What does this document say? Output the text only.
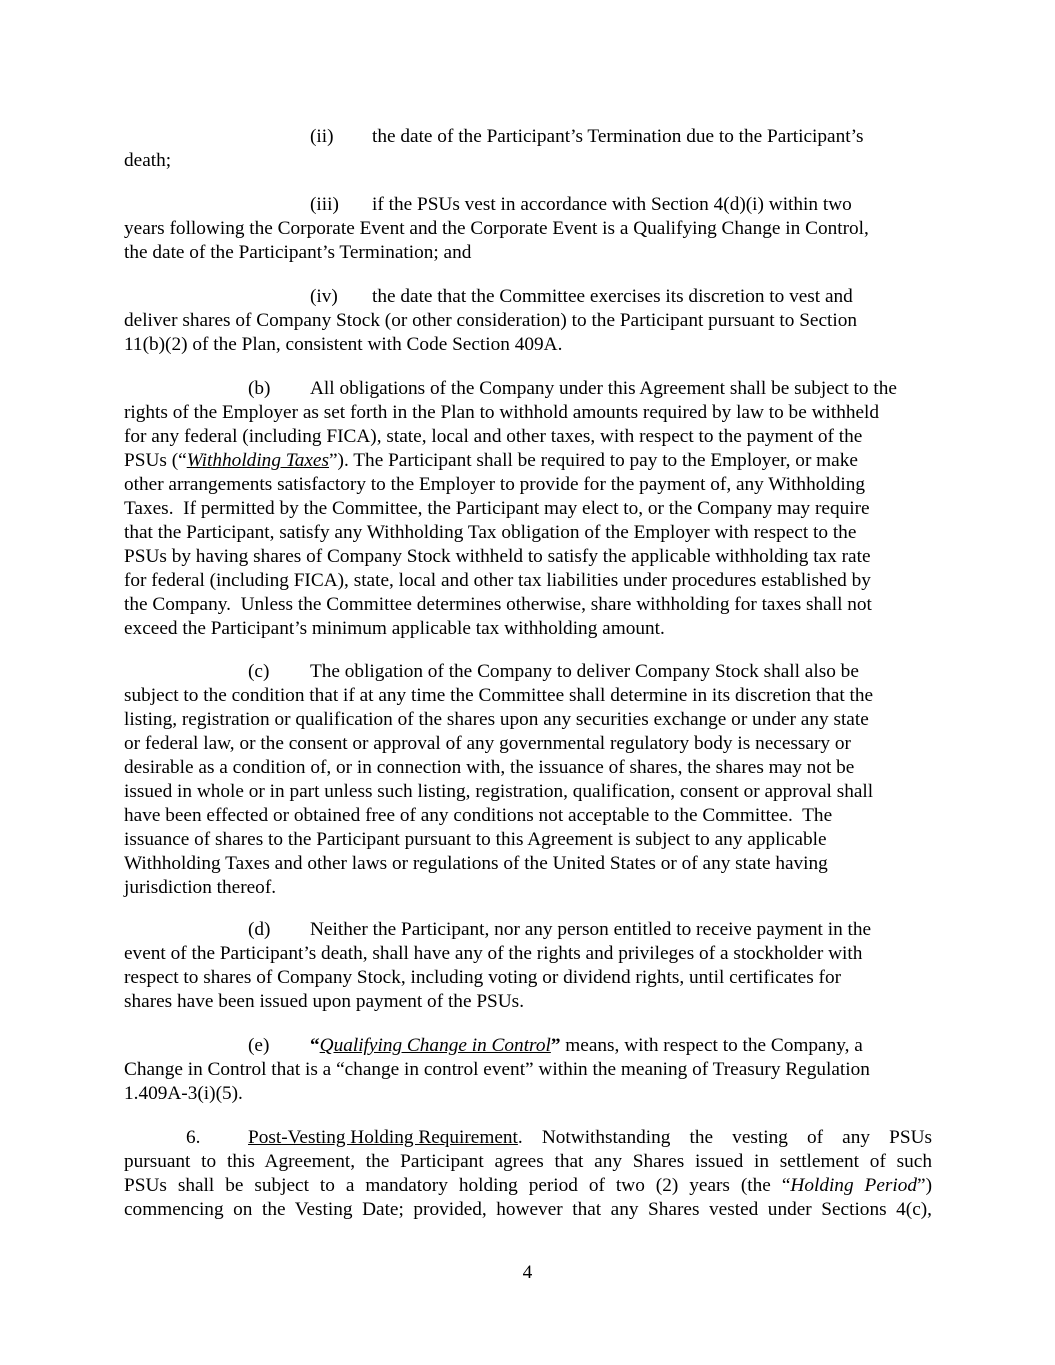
(ii) the date of the Participant’s Termination due to the Participant’s
death;
(iii) if the PSUs vest in accordance with Section 4(d)(i) within two
years following the Corporate Event and the Corporate Event is a Qualifying Change in Control,
the date of the Participant’s Termination; and
(iv) the date that the Committee exercises its discretion to vest and
deliver shares of Company Stock (or other consideration) to the Participant pursuant to Section
11(b)(2) of the Plan, consistent with Code Section 409A.
(b) All obligations of the Company under this Agreement shall be subject to the
rights of the Employer as set forth in the Plan to withhold amounts required by law to be withheld
for any federal (including FICA), state, local and other taxes, with respect to the payment of the
PSUs (“Withholding Taxes”). The Participant shall be required to pay to the Employer, or make
other arrangements satisfactory to the Employer to provide for the payment of, any Withholding
Taxes.  If permitted by the Committee, the Participant may elect to, or the Company may require
that the Participant, satisfy any Withholding Tax obligation of the Employer with respect to the
PSUs by having shares of Company Stock withheld to satisfy the applicable withholding tax rate
for federal (including FICA), state, local and other tax liabilities under procedures established by
the Company.  Unless the Committee determines otherwise, share withholding for taxes shall not
exceed the Participant’s minimum applicable tax withholding amount.
(c) The obligation of the Company to deliver Company Stock shall also be
subject to the condition that if at any time the Committee shall determine in its discretion that the
listing, registration or qualification of the shares upon any securities exchange or under any state
or federal law, or the consent or approval of any governmental regulatory body is necessary or
desirable as a condition of, or in connection with, the issuance of shares, the shares may not be
issued in whole or in part unless such listing, registration, qualification, consent or approval shall
have been effected or obtained free of any conditions not acceptable to the Committee.  The
issuance of shares to the Participant pursuant to this Agreement is subject to any applicable
Withholding Taxes and other laws or regulations of the United States or of any state having
jurisdiction thereof.
(d) Neither the Participant, nor any person entitled to receive payment in the
event of the Participant’s death, shall have any of the rights and privileges of a stockholder with
respect to shares of Company Stock, including voting or dividend rights, until certificates for
shares have been issued upon payment of the PSUs.
(e) “Qualifying Change in Control” means, with respect to the Company, a
Change in Control that is a “change in control event” within the meaning of Treasury Regulation
1.409A-3(i)(5).
6.	Post-Vesting Holding Requirement . Notwithstanding the vesting of any PSUs
pursuant to this Agreement, the Participant agrees that any Shares issued in settlement of such
PSUs shall be subject to a mandatory holding period of two (2) years (the “Holding Period”)
commencing on the Vesting Date; provided, however that any Shares vested under Sections 4(c),
4
